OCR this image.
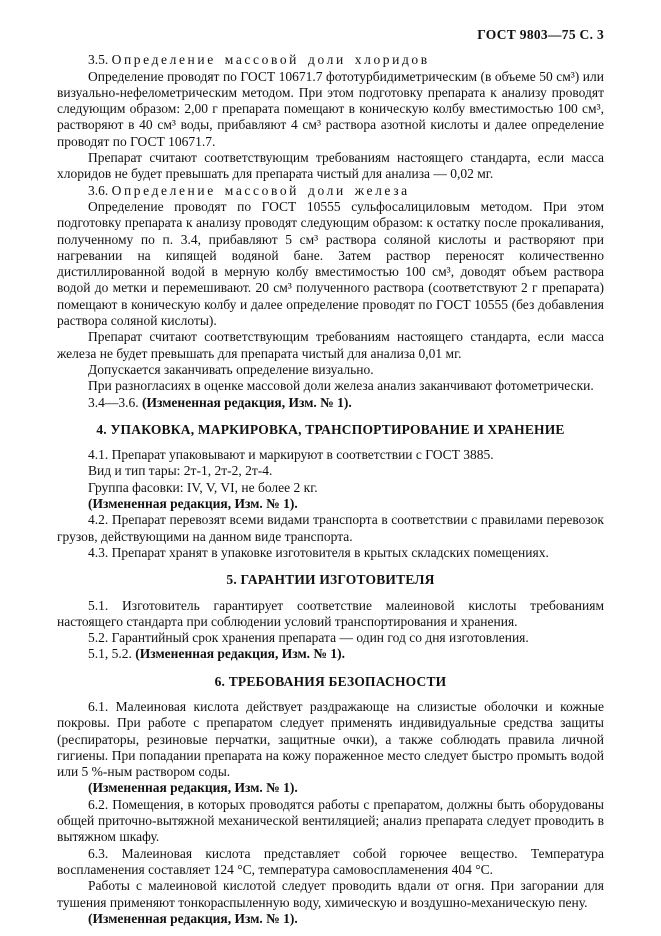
ГОСТ 9803—75 С. 3

3.5. Определение массовой доли хлоридов

Определение проводят по ГОСТ 10671.7 фототурбидиметрическим (в объеме 50 см³) или визуально-нефелометрическим методом. При этом подготовку препарата к анализу проводят следующим образом: 2,00 г препарата помещают в коническую колбу вместимостью 100 см³, растворяют в 40 см³ воды, прибавляют 4 см³ раствора азотной кислоты и далее определение проводят по ГОСТ 10671.7.

Препарат считают соответствующим требованиям настоящего стандарта, если масса хлоридов не будет превышать для препарата чистый для анализа — 0,02 мг.

3.6. Определение массовой доли железа

Определение проводят по ГОСТ 10555 сульфосалициловым методом. При этом подготовку препарата к анализу проводят следующим образом: к остатку после прокаливания, полученному по п. 3.4, прибавляют 5 см³ раствора соляной кислоты и растворяют при нагревании на кипящей водяной бане. Затем раствор переносят количественно дистиллированной водой в мерную колбу вместимостью 100 см³, доводят объем раствора водой до метки и перемешивают. 20 см³ полученного раствора (соответствуют 2 г препарата) помещают в коническую колбу и далее определение проводят по ГОСТ 10555 (без добавления раствора соляной кислоты).

Препарат считают соответствующим требованиям настоящего стандарта, если масса железа не будет превышать для препарата чистый для анализа 0,01 мг.

Допускается заканчивать определение визуально.

При разногласиях в оценке массовой доли железа анализ заканчивают фотометрически.

3.4—3.6. (Измененная редакция, Изм. № 1).

4. УПАКОВКА, МАРКИРОВКА, ТРАНСПОРТИРОВАНИЕ И ХРАНЕНИЕ

4.1. Препарат упаковывают и маркируют в соответствии с ГОСТ 3885.

Вид и тип тары: 2т-1, 2т-2, 2т-4.

Группа фасовки: IV, V, VI, не более 2 кг.

(Измененная редакция, Изм. № 1).

4.2. Препарат перевозят всеми видами транспорта в соответствии с правилами перевозок грузов, действующими на данном виде транспорта.

4.3. Препарат хранят в упаковке изготовителя в крытых складских помещениях.

5. ГАРАНТИИ ИЗГОТОВИТЕЛЯ

5.1. Изготовитель гарантирует соответствие малеиновой кислоты требованиям настоящего стандарта при соблюдении условий транспортирования и хранения.

5.2. Гарантийный срок хранения препарата — один год со дня изготовления.

5.1, 5.2. (Измененная редакция, Изм. № 1).

6. ТРЕБОВАНИЯ БЕЗОПАСНОСТИ

6.1. Малеиновая кислота действует раздражающе на слизистые оболочки и кожные покровы. При работе с препаратом следует применять индивидуальные средства защиты (респираторы, резиновые перчатки, защитные очки), а также соблюдать правила личной гигиены. При попадании препарата на кожу пораженное место следует быстро промыть водой или 5 %-ным раствором соды.

(Измененная редакция, Изм. № 1).

6.2. Помещения, в которых проводятся работы с препаратом, должны быть оборудованы общей приточно-вытяжной механической вентиляцией; анализ препарата следует проводить в вытяжном шкафу.

6.3. Малеиновая кислота представляет собой горючее вещество. Температура воспламенения составляет 124 °С, температура самовоспламенения 404 °С.

Работы с малеиновой кислотой следует проводить вдали от огня. При загорании для тушения применяют тонкораспыленную воду, химическую и воздушно-механическую пену.

(Измененная редакция, Изм. № 1).
